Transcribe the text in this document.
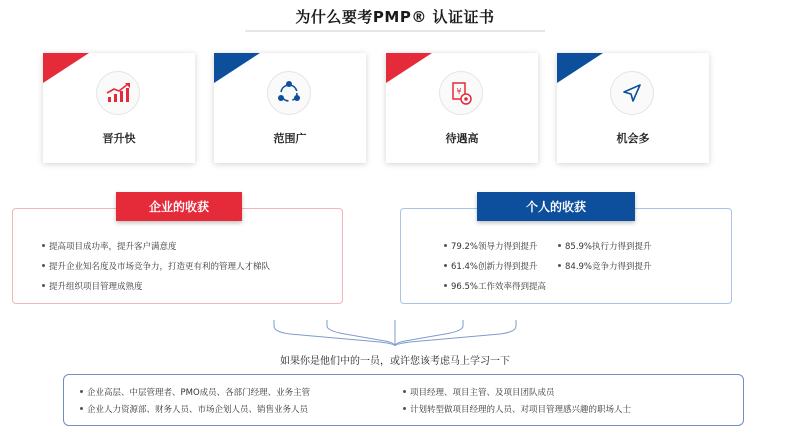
为什么要考PMP® 认证证书
晋升快	范围广
¥
待遇高	机会多
企业的收获
提高项目成功率，提升客户满意度
提升企业知名度及市场竞争力，打造更有利的管理人才梯队
提升组织项目管理成熟度
个人的收获
79.2%领导力得到提升	85.9%执行力得到提升
61.4%创新力得到提升	84.9%竞争力得到提升
96.5%工作效率得到提高
如果你是他们中的一员，或许您该考虑马上学习一下
企业高层、中层管理者、PMO成员、各部门经理、业务主管	项目经理、项目主管、及项目团队成员
企业人力资源部、财务人员、市场企划人员、销售业务人员	计划转型做项目经理的人员、对项目管理感兴趣的职场人士
